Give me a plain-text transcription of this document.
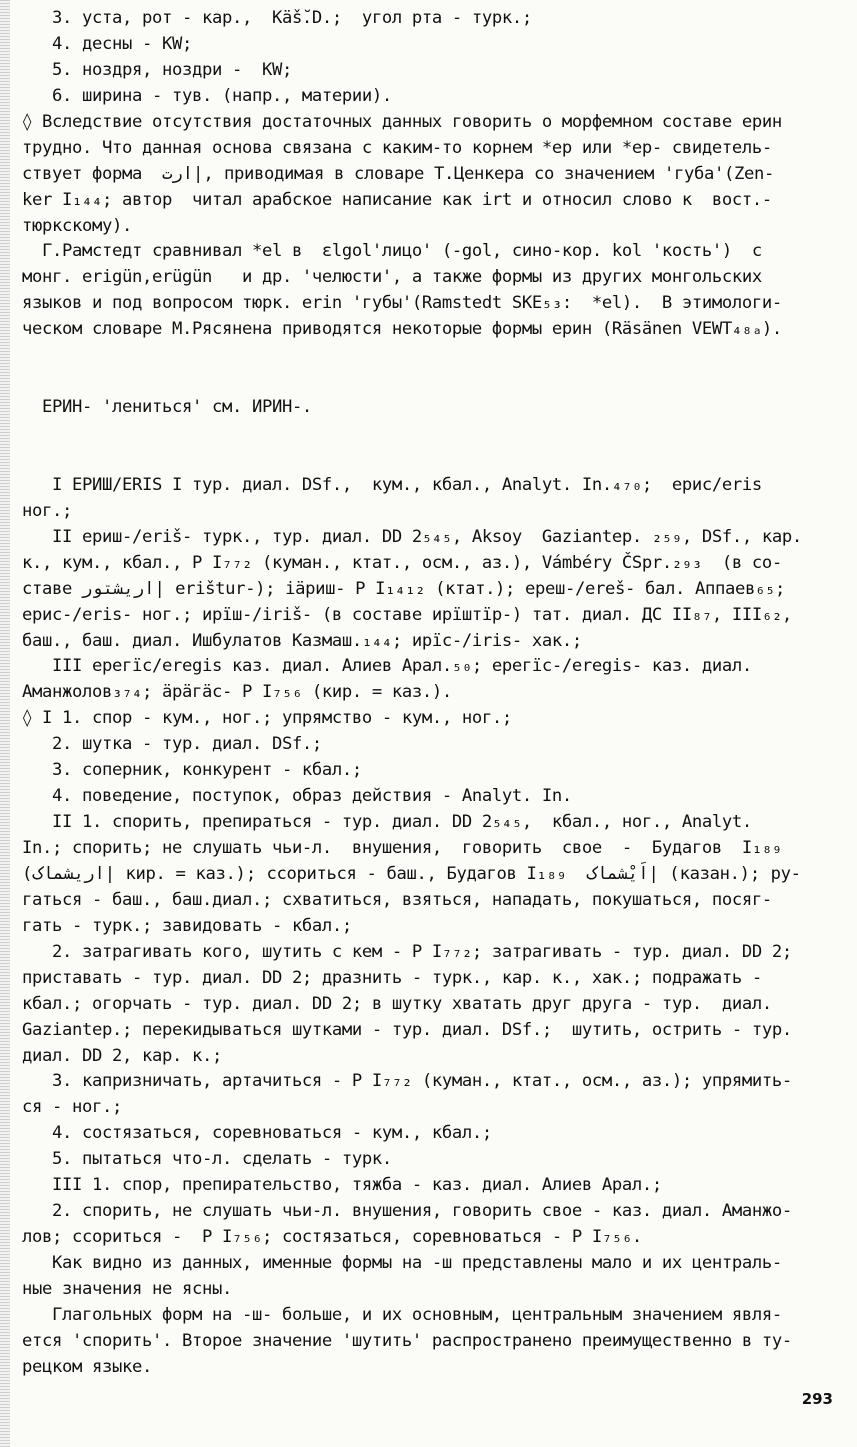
3. уста, рот - кар.,  Käš̆.D.;  угол рта - турк.;
4. десны - KW;
5. ноздря, ноздри -  KW;
6. ширина - тув. (напр., материи).
◊ Вследствие отсутствия достаточных данных говорить о морфемном составе ерин
трудно. Что данная основа связана с каким-то корнем *ер или *ер- свидетель-
ствует форма  ارت|, приводимая в словаре Т.Ценкера со значением 'губа'(Zen-
ker I₁₄₄; автор  читал арабское написание как irt и относил слово к  вост.-
тюркскому).
Г.Рамстедт сравнивал *el в  ɛlgol'лицо' (-gol, сино-кор. kol 'кость')  с
монг. erigün,erügün   и др. 'челюсти', а также формы из других монгольских
языков и под вопросом тюрк. erin 'губы'(Ramstedt SKE₅₃:  *el).  В этимологи-
ческом словаре М.Рясянена приводятся некоторые формы ерин (Räsänen VEWT₄₈ₐ).
ЕРИН- 'лениться' см. ИРИН-.
I ЕРИШ/ERIS I тур. диал. DSf.,  кум., кбал., Analyt. In.₄₇₀;  ерис/eris
ног.;
II ериш-/eriš- турк., тур. диал. DD 2₅₄₅, Aksoy  Gaziantep. ₂₅₉, DSf., кар.
к., кум., кбал., Р I₇₇₂ (куман., ктат., осм., аз.), Vámbéry ČSpr.₂₉₃  (в со-
ставе اریشتور| erištur-); iäриш- Р I₁₄₁₂ (ктат.); ереш-/ereš- бал. Аппаев₆₅;
ерис-/eris- ног.; ирїш-/iriš- (в составе ирїштїр-) тат. диал. ДС II₈₇, III₆₂,
баш., баш. диал. Ишбулатов Казмаш.₁₄₄; ирїс-/iris- хак.;
III ерегїс/eregis каз. диал. Алиев Арал.₅₀; ерегїс-/eregis- каз. диал.
Аманжолов₃₇₄; äрäгäс- Р I₇₅₆ (кир. = каз.).
◊ I 1. спор - кум., ног.; упрямство - кум., ног.;
2. шутка - тур. диал. DSf.;
3. соперник, конкурент - кбал.;
4. поведение, поступок, образ действия - Analyt. In.
II 1. спорить, препираться - тур. диал. DD 2₅₄₅,  кбал., ног., Analyt.
In.; спорить; не слушать чьи-л.  внушения,  говорить  свое  -  Будагов  I₁₈₉
(اریشماک| кир. = каз.); ссориться - баш., Будагов I₁₈₉  اَیْشماک| (казан.); ру-
гаться - баш., баш.диал.; схватиться, взяться, нападать, покушаться, посяг-
гать - турк.; завидовать - кбал.;
2. затрагивать кого, шутить с кем - Р I₇₇₂; затрагивать - тур. диал. DD 2;
приставать - тур. диал. DD 2; дразнить - турк., кар. к., хак.; подражать -
кбал.; огорчать - тур. диал. DD 2; в шутку хватать друг друга - тур.  диал.
Gaziantep.; перекидываться шутками - тур. диал. DSf.;  шутить, острить - тур.
диал. DD 2, кар. к.;
3. капризничать, артачиться - Р I₇₇₂ (куман., ктат., осм., аз.); упрямить-
ся - ног.;
4. состязаться, соревноваться - кум., кбал.;
5. пытаться что-л. сделать - турк.
III 1. спор, препирательство, тяжба - каз. диал. Алиев Арал.;
2. спорить, не слушать чьи-л. внушения, говорить свое - каз. диал. Аманжо-
лов; ссориться -  Р I₇₅₆; состязаться, соревноваться - Р I₇₅₆.
Как видно из данных, именные формы на -ш представлены мало и их централь-
ные значения не ясны.
Глагольных форм на -ш- больше, и их основным, центральным значением явля-
ется 'спорить'. Второе значение 'шутить' распространено преимущественно в ту-
рецком языке.
293
